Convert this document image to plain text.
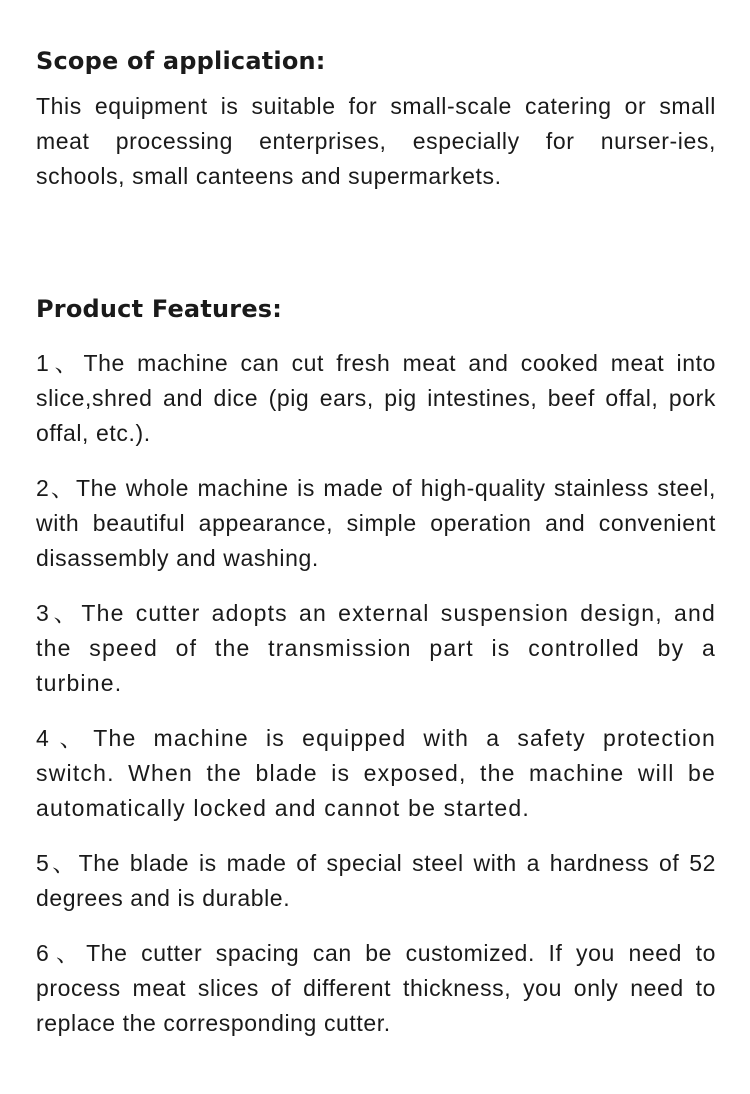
Scope of application:

This equipment is suitable for small-scale catering or small meat processing enterprises, especially for nurser-ies, schools, small canteens and supermarkets.

Product Features:

1、The machine can cut fresh meat and cooked meat into slice,shred and dice (pig ears, pig intestines, beef offal, pork offal, etc.).

2、The whole machine is made of high-quality stainless steel, with beautiful appearance, simple operation and convenient disassembly and washing.

3、The cutter adopts an external suspension design, and the speed of the transmission part is controlled by a turbine.

4、The machine is equipped with a safety protection switch. When the blade is exposed, the machine will be automatically locked and cannot be started.

5、The blade is made of special steel with a hardness of 52 degrees and is durable.

6、The cutter spacing can be customized. If you need to process meat slices of different thickness, you only need to replace the corresponding cutter.
